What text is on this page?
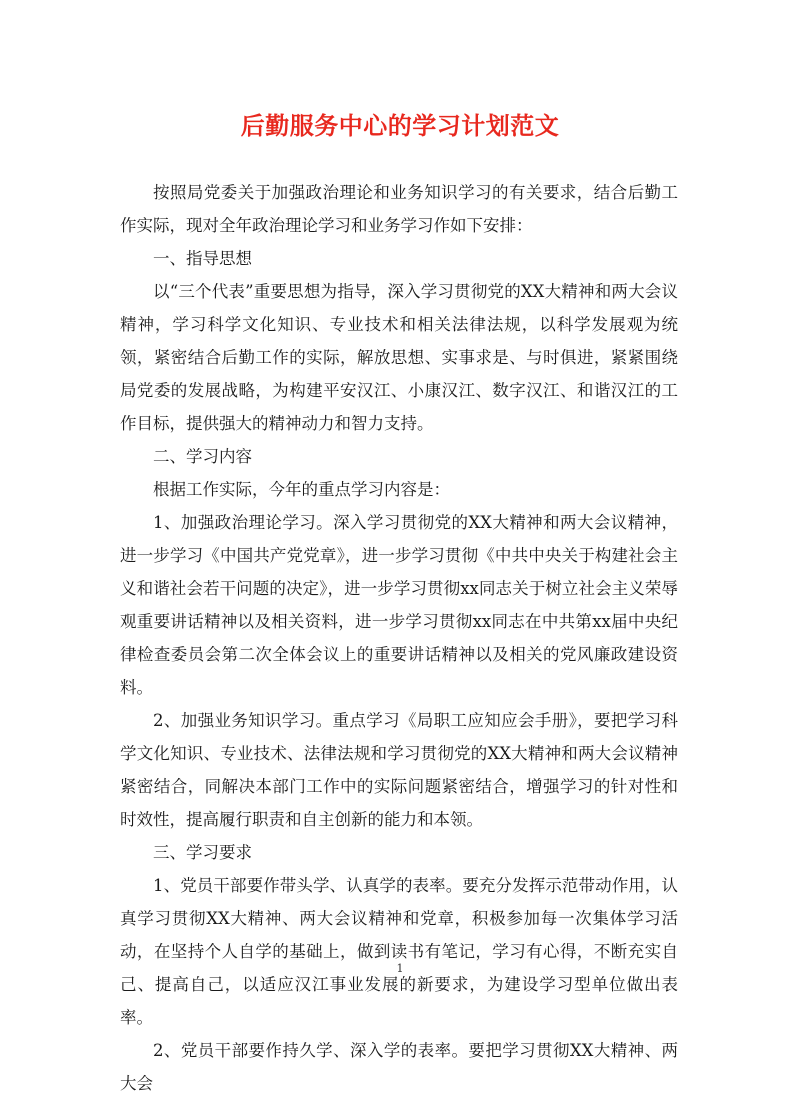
后勤服务中心的学习计划范文

按照局党委关于加强政治理论和业务知识学习的有关要求，结合后勤工作实际，现对全年政治理论学习和业务学习作如下安排：

一、指导思想

以“三个代表”重要思想为指导，深入学习贯彻党的XX大精神和两大会议精神，学习科学文化知识、专业技术和相关法律法规，以科学发展观为统领，紧密结合后勤工作的实际，解放思想、实事求是、与时俱进，紧紧围绕局党委的发展战略，为构建平安汉江、小康汉江、数字汉江、和谐汉江的工作目标，提供强大的精神动力和智力支持。

二、学习内容

根据工作实际，今年的重点学习内容是：

1、加强政治理论学习。深入学习贯彻党的XX大精神和两大会议精神，进一步学习《中国共产党党章》，进一步学习贯彻《中共中央关于构建社会主义和谐社会若干问题的决定》，进一步学习贯彻xx同志关于树立社会主义荣辱观重要讲话精神以及相关资料，进一步学习贯彻xx同志在中共第xx届中央纪律检查委员会第二次全体会议上的重要讲话精神以及相关的党风廉政建设资料。

2、加强业务知识学习。重点学习《局职工应知应会手册》，要把学习科学文化知识、专业技术、法律法规和学习贯彻党的XX大精神和两大会议精神紧密结合，同解决本部门工作中的实际问题紧密结合，增强学习的针对性和时效性，提高履行职责和自主创新的能力和本领。

三、学习要求

1、党员干部要作带头学、认真学的表率。要充分发挥示范带动作用，认真学习贯彻XX大精神、两大会议精神和党章，积极参加每一次集体学习活动，在坚持个人自学的基础上，做到读书有笔记，学习有心得，不断充实自己、提高自己，以适应汉江事业发展的新要求，为建设学习型单位做出表率。

2、党员干部要作持久学、深入学的表率。要把学习贯彻XX大精神、两大会

1
